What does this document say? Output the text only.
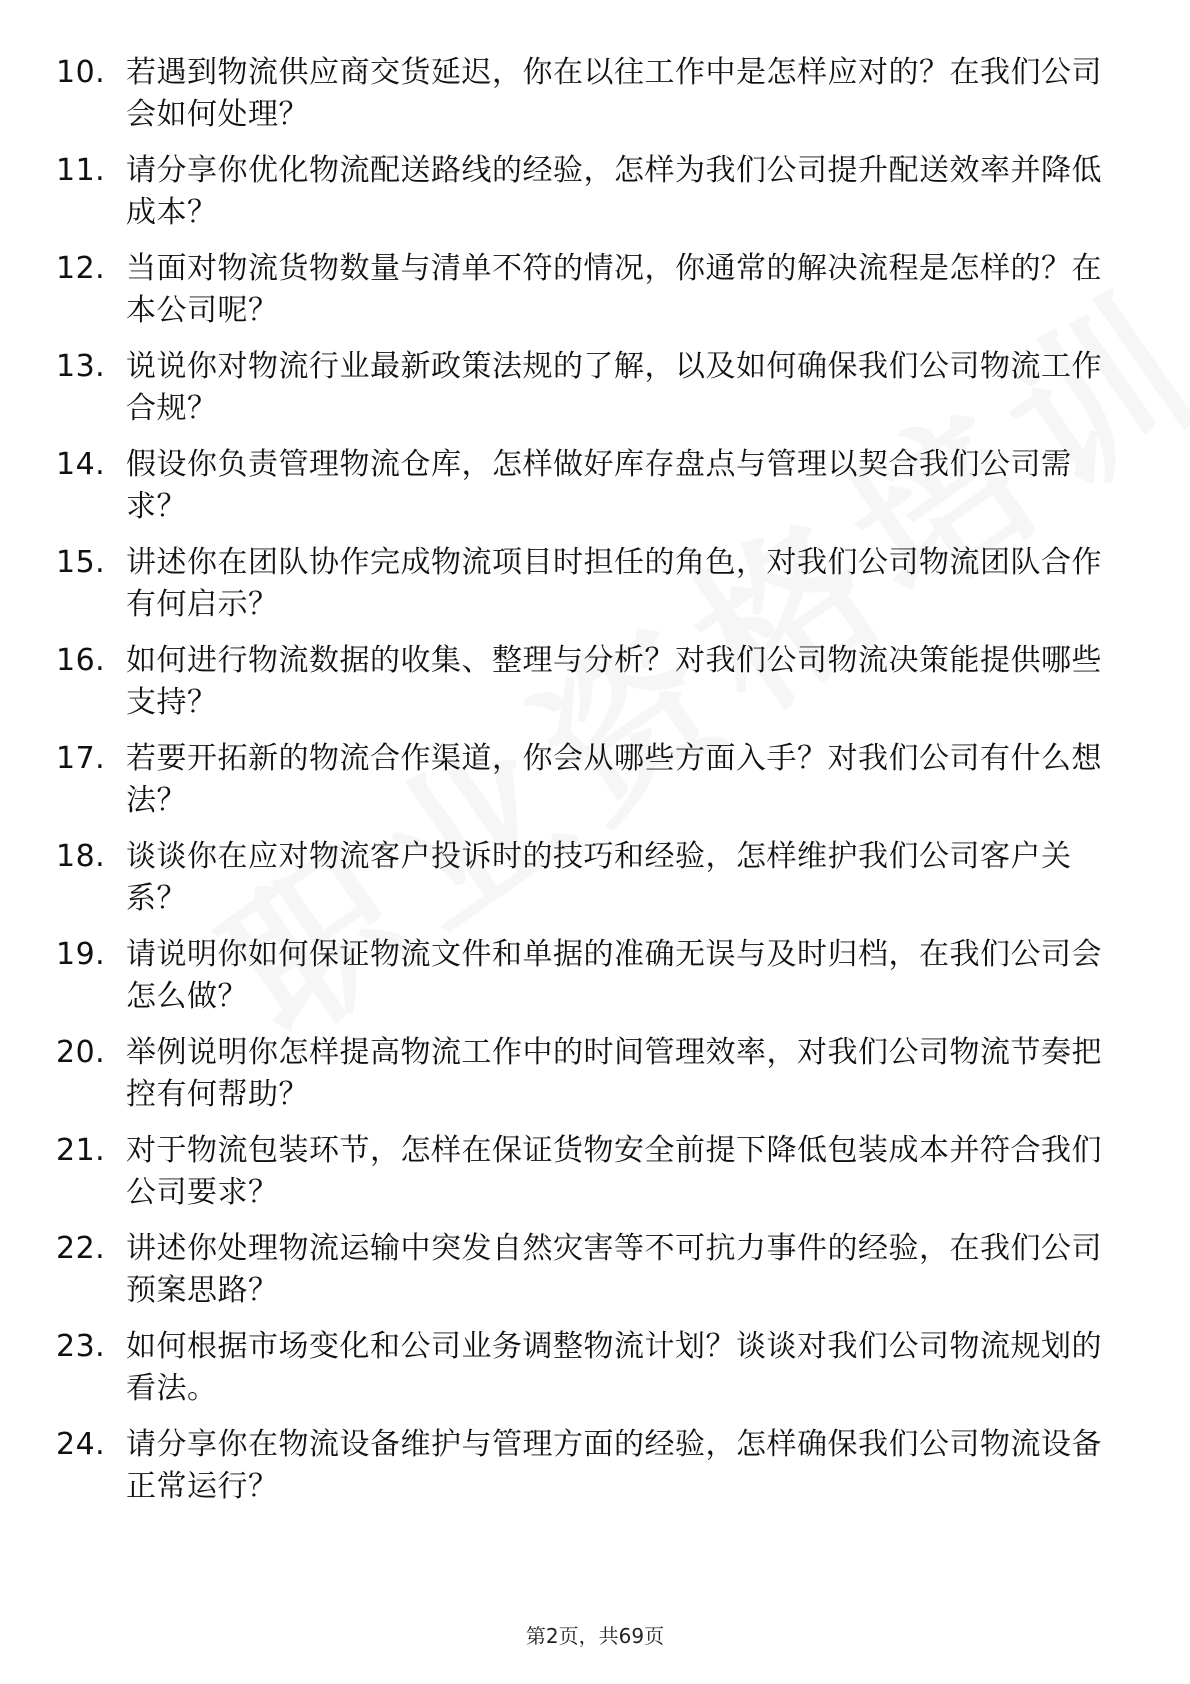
10. 若遇到物流供应商交货延迟，你在以往工作中是怎样应对的？在我们公司会如何处理？
11. 请分享你优化物流配送路线的经验，怎样为我们公司提升配送效率并降低成本？
12. 当面对物流货物数量与清单不符的情况，你通常的解决流程是怎样的？在本公司呢？
13. 说说你对物流行业最新政策法规的了解，以及如何确保我们公司物流工作合规？
14. 假设你负责管理物流仓库，怎样做好库存盘点与管理以契合我们公司需求？
15. 讲述你在团队协作完成物流项目时担任的角色，对我们公司物流团队合作有何启示？
16. 如何进行物流数据的收集、整理与分析？对我们公司物流决策能提供哪些支持？
17. 若要开拓新的物流合作渠道，你会从哪些方面入手？对我们公司有什么想法？
18. 谈谈你在应对物流客户投诉时的技巧和经验，怎样维护我们公司客户关系？
19. 请说明你如何保证物流文件和单据的准确无误与及时归档，在我们公司会怎么做？
20. 举例说明你怎样提高物流工作中的时间管理效率，对我们公司物流节奏把控有何帮助？
21. 对于物流包装环节，怎样在保证货物安全前提下降低包装成本并符合我们公司要求？
22. 讲述你处理物流运输中突发自然灾害等不可抗力事件的经验，在我们公司预案思路？
23. 如何根据市场变化和公司业务调整物流计划？谈谈对我们公司物流规划的看法。
24. 请分享你在物流设备维护与管理方面的经验，怎样确保我们公司物流设备正常运行？
第2页，共69页
